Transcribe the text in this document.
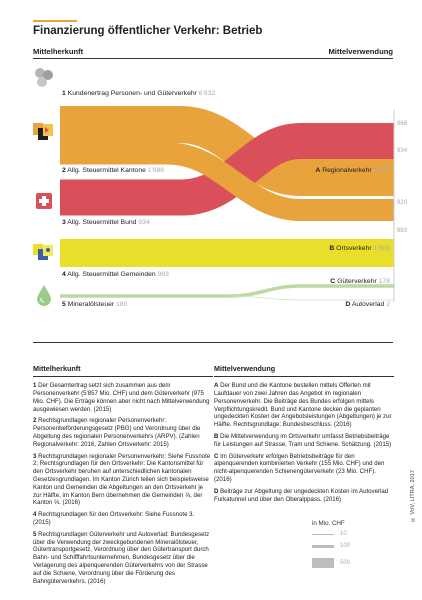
Finanzierung öffentlicher Verkehr: Betrieb
Mittelherkunft	Mittelverwendung
1 Kundenertrag Personen- und Güterverkehr 6'832
2 Allg. Steuermittel Kantone 1'886
3 Allg. Steuermittel Bund 934
4 Allg. Steuermittel Gemeinden 983
5 Mineralölsteuer 180
A Regionalverkehr 1'900
B Ortsverkehr 1'903
C Güterverkehr 178
D Autoverlad 2
966
934
920
983
Mittelherkunft

1 Der Gesamtertrag setzt sich zusammen aus dem Personenverkehr (5'857 Mio. CHF) und dem Güterverkehr (975 Mio. CHF). Die Erträge können aber nicht nach Mittelverwendung ausgewiesen werden. (2015)

2 Rechtsgrundlagen regionaler Personenverkehr: Personenbeförderungsgesetz (PBG) und Verordnung über die Abgeltung des regionalen Personenverkehrs (ARPV). (Zahlen Regionalverkehr: 2016, Zahlen Ortsverkehr: 2015)

3 Rechtsgrundlagen regionaler Personenverkehr: Siehe Fussnote 2; Rechtsgrundlagen für den Ortsverkehr: Die Kantonsmittel für den Ortsverkehr beruhen auf unterschiedlichen kantonalen Gesetzesgrundlagen. Im Kanton Zürich teilen sich beispielsweise Kanton und Gemeinden die Abgeltungen an den Ortsverkehr je zur Hälfte, im Kanton Bern übernehmen die Gemeinden ⅓, der Kanton ⅔. (2016)

4 Rechtsgrundlagen für den Ortsverkehr: Siehe Fussnote 3. (2015)

5 Rechtsgrundlagen Güterverkehr und Autoverlad: Bundesgesetz über die Verwendung der zweckgebundenen Mineralölsteuer, Gütertransportgesetz, Verordnung über den Gütertransport durch Bahn- und Schifffahrtsunternehmen, Bundesgesetz über die Verlagerung des alpenquerenden Güterverkehrs von der Strasse auf die Schiene, Verordnung über die Förderung des Bahngüterverkehrs. (2016)

Mittelverwendung

A Der Bund und die Kantone bestellen mittels Offerten mit Laufdauer von zwei Jahren das Angebot im regionalen Personenverkehr. Die Beiträge des Bundes erfolgen mittels Verpflichtungskredit. Bund und Kantone decken die geplanten ungedeckten Kosten der Angebotsleistungen (Abgeltungen) je zur Hälfte. Rechtsgrundlage: Bundesbeschluss. (2016)

B Die Mittelverwendung im Ortsverkehr umfasst Betriebsbeiträge für Leistungen auf Strasse, Tram und Schiene. Schätzung. (2015)

C Im Güterverkehr erfolgen Betriebsbeiträge für den alpenquerenden kombinierten Verkehr (155 Mio. CHF) und den nicht-alpenquerenden Schienengüterverkehr (23 Mio. CHF). (2016)

D Beiträge zur Abgeltung der ungedeckten Kosten im Autoverlad Furkatunnel und über den Oberalppass. (2016)	© VöV, LITRA, 2017
in Mio. CHF
10
100
500
